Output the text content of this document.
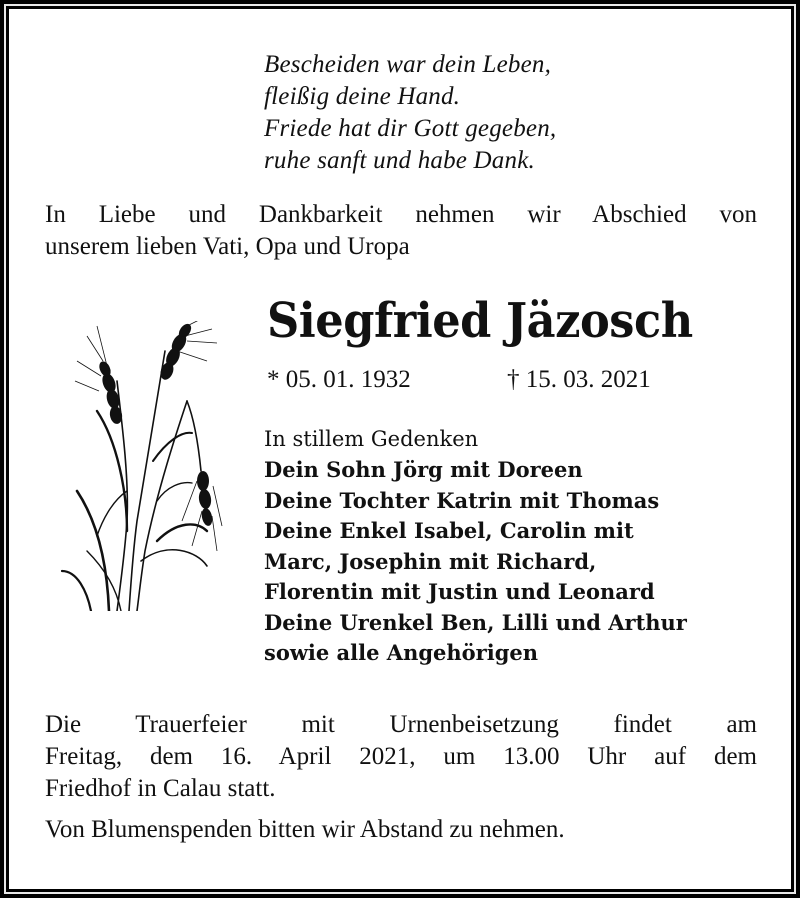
Bescheiden war dein Leben,
fleißig deine Hand.
Friede hat dir Gott gegeben,
ruhe sanft und habe Dank.
In Liebe und Dankbarkeit nehmen wir Abschied von
unserem lieben Vati, Opa und Uropa
Siegfried Jäzosch
* 05. 01. 1932	† 15. 03. 2021
In stillem Gedenken
Dein Sohn Jörg mit Doreen
Deine Tochter Katrin mit Thomas
Deine Enkel Isabel, Carolin mit
Marc, Josephin mit Richard,
Florentin mit Justin und Leonard
Deine Urenkel Ben, Lilli und Arthur
sowie alle Angehörigen
Die Trauerfeier mit Urnenbeisetzung findet am
Freitag, dem 16. April 2021, um 13.00 Uhr auf dem
Friedhof in Calau statt.
Von Blumenspenden bitten wir Abstand zu nehmen.
